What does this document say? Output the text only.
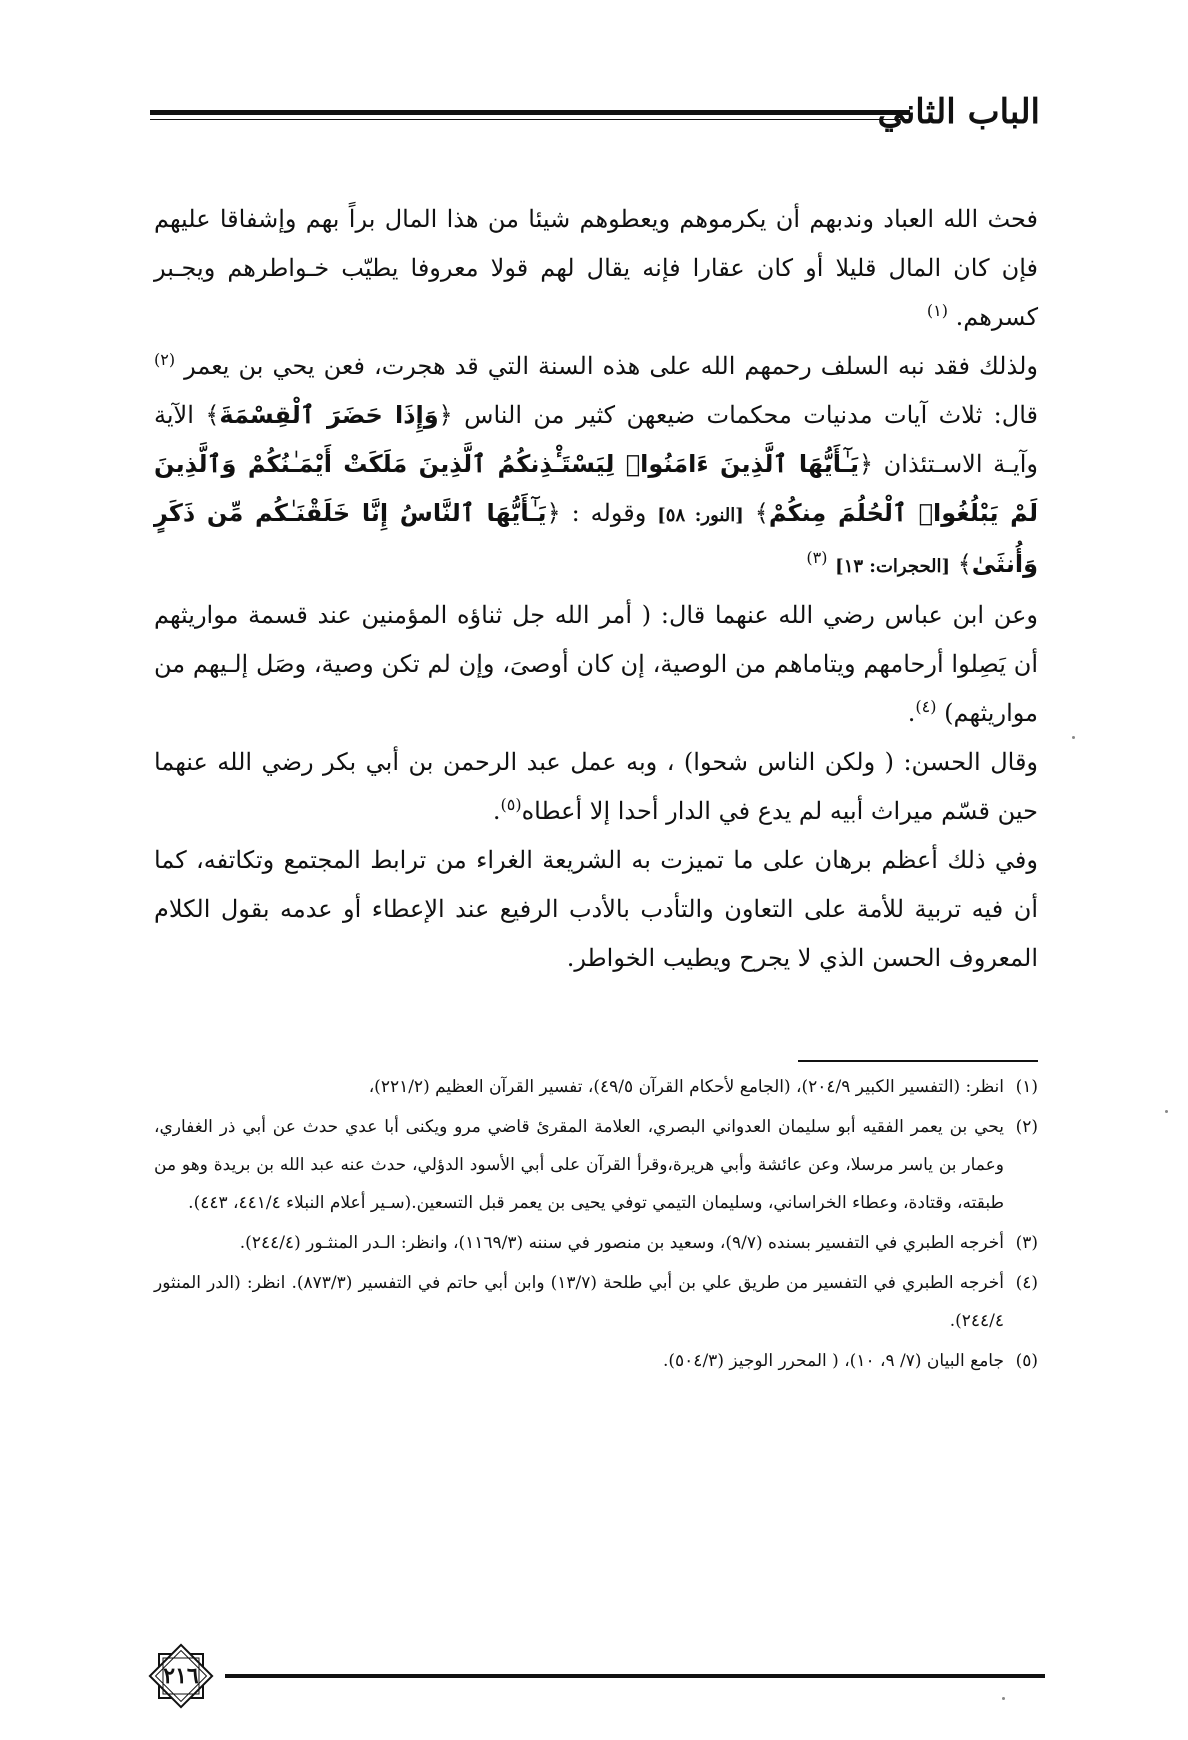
الباب الثاني

فحث الله العباد وندبهم أن يكرموهم ويعطوهم شيئا من هذا المال براً بهم وإشفاقا عليهم فإن كان المال قليلا أو كان عقارا فإنه يقال لهم قولا معروفا يطيّب خـواطرهم ويجـبر كسرهم. $^{(١)}$

ولذلك فقد نبه السلف رحمهم الله على هذه السنة التي قد هجرت، فعن يحي بن يعمر $^{(٢)}$ قال: ثلاث آيات مدنيات محكمات ضيعهن كثير من الناس ﴿وَإِذَا حَضَرَ ٱلْقِسْمَةَ﴾ الآية وآيـة الاسـتئذان ﴿يَـٰٓأَيُّهَا ٱلَّذِينَ ءَامَنُوا۟ لِيَسْتَـْٔذِنكُمُ ٱلَّذِينَ مَلَكَتْ أَيْمَـٰنُكُمْ وَٱلَّذِينَ لَمْ يَبْلُغُوا۟ ٱلْحُلُمَ مِنكُمْ﴾ [النور: ٥٨] وقوله : ﴿يَـٰٓأَيُّهَا ٱلنَّاسُ إِنَّا خَلَقْنَـٰكُم مِّن ذَكَرٍ وَأُنثَىٰ﴾ [الحجرات: ١٣] $^{(٣)}$

وعن ابن عباس رضي الله عنهما قال: ( أمر الله جل ثناؤه المؤمنين عند قسمة مواريثهم أن يَصِلوا أرحامهم ويتاماهم من الوصية، إن كان أوصىَ، وإن لم تكن وصية، وصَل إلـيهم من مواريثهم) $^{(٤)}$.

وقال الحسن: ( ولكن الناس شحوا) ، وبه عمل عبد الرحمن بن أبي بكر رضي الله عنهما حين قسّم ميراث أبيه لم يدع في الدار أحدا إلا أعطاه$^{(٥)}$.

وفي ذلك أعظم برهان على ما تميزت به الشريعة الغراء من ترابط المجتمع وتكاتفه، كما أن فيه تربية للأمة على التعاون والتأدب بالأدب الرفيع عند الإعطاء أو عدمه بقول الكلام المعروف الحسن الذي لا يجرح ويطيب الخواطر.

(١)
انظر: (التفسير الكبير ٢٠٤/٩)، (الجامع لأحكام القرآن ٤٩/٥)، تفسير القرآن العظيم (٢٢١/٢)،
(٢)
يحي بن يعمر الفقيه أبو سليمان العدواني البصري، العلامة المقرئ قاضي مرو ويكنى أبا عدي حدث عن أبي ذر الغفاري، وعمار بن ياسر مرسلا، وعن عائشة وأبي هريرة،وقرأ القرآن على أبي الأسود الدؤلي، حدث عنه عبد الله بن بريدة وهو من طبقته، وقتادة، وعطاء الخراساني، وسليمان التيمي توفي يحيى بن يعمر قبل التسعين.(سـير أعلام النبلاء ٤٤١/٤، ٤٤٣).
(٣)
أخرجه الطبري في التفسير بسنده (٩/٧)، وسعيد بن منصور في سننه (١١٦٩/٣)، وانظر: الـدر المنثـور (٢٤٤/٤).
(٤)
أخرجه الطبري في التفسير من طريق علي بن أبي طلحة (١٣/٧) وابن أبي حاتم في التفسير (٨٧٣/٣). انظر: (الدر المنثور ٢٤٤/٤).
(٥)
جامع البيان (٧/ ٩، ١٠)، ( المحرر الوجيز (٥٠٤/٣).
٢١٦
